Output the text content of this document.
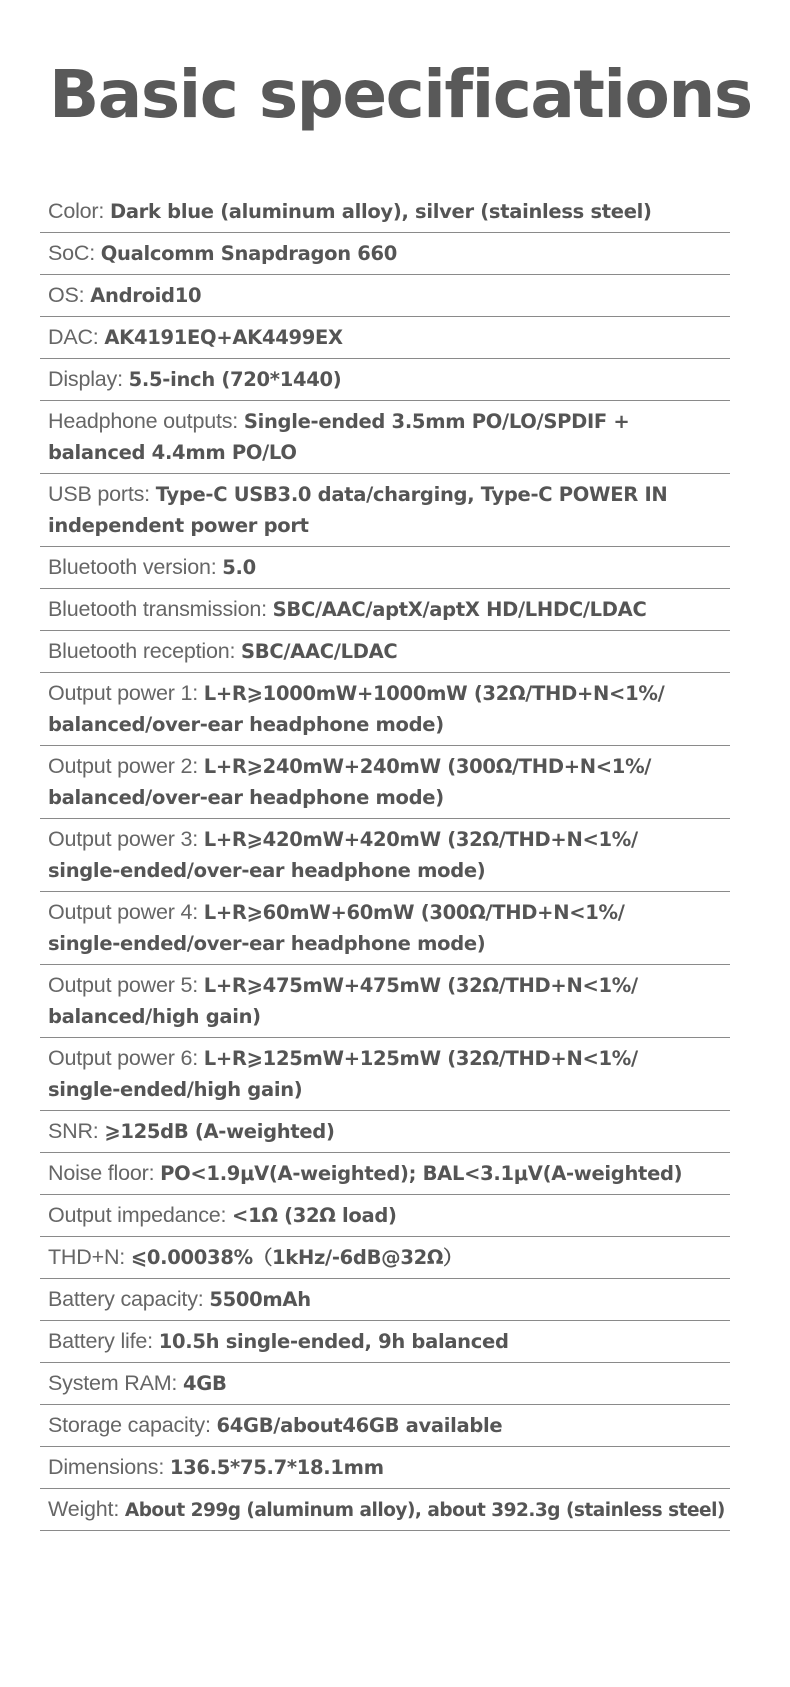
Basic specifications
Color: Dark blue (aluminum alloy), silver (stainless steel)
SoC: Qualcomm Snapdragon 660
OS: Android10
DAC: AK4191EQ+AK4499EX
Display: 5.5-inch (720*1440)
Headphone outputs: Single-ended 3.5mm PO/LO/SPDIF +
balanced 4.4mm PO/LO
USB ports: Type-C USB3.0 data/charging, Type-C POWER IN
independent power port
Bluetooth version: 5.0
Bluetooth transmission: SBC/AAC/aptX/aptX HD/LHDC/LDAC
Bluetooth reception: SBC/AAC/LDAC
Output power 1: L+R⩾1000mW+1000mW (32Ω/THD+N<1%/
balanced/over-ear headphone mode)
Output power 2: L+R⩾240mW+240mW (300Ω/THD+N<1%/
balanced/over-ear headphone mode)
Output power 3: L+R⩾420mW+420mW (32Ω/THD+N<1%/
single-ended/over-ear headphone mode)
Output power 4: L+R⩾60mW+60mW (300Ω/THD+N<1%/
single-ended/over-ear headphone mode)
Output power 5: L+R⩾475mW+475mW (32Ω/THD+N<1%/
balanced/high gain)
Output power 6: L+R⩾125mW+125mW (32Ω/THD+N<1%/
single-ended/high gain)
SNR: ⩾125dB (A-weighted)
Noise floor: PO<1.9μV(A-weighted); BAL<3.1μV(A-weighted)
Output impedance: <1Ω (32Ω load)
THD+N: ⩽0.00038%（1kHz/-6dB@32Ω）
Battery capacity: 5500mAh
Battery life: 10.5h single-ended, 9h balanced
System RAM: 4GB
Storage capacity: 64GB/about46GB available
Dimensions: 136.5*75.7*18.1mm
Weight: About 299g (aluminum alloy), about 392.3g (stainless steel)
